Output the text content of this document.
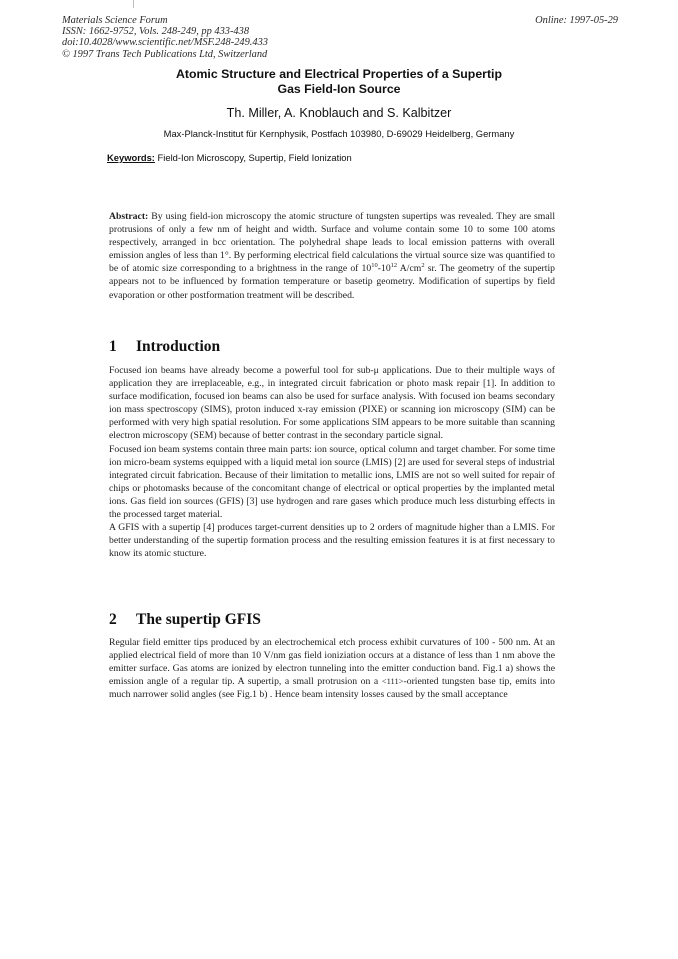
Materials Science Forum
ISSN: 1662-9752, Vols. 248-249, pp 433-438
doi:10.4028/www.scientific.net/MSF.248-249.433
© 1997 Trans Tech Publications Ltd, Switzerland
Online: 1997-05-29
Atomic Structure and Electrical Properties of a Supertip
Gas Field-Ion Source
Th. Miller, A. Knoblauch and S. Kalbitzer
Max-Planck-Institut für Kernphysik, Postfach 103980, D-69029 Heidelberg, Germany
Keywords: Field-Ion Microscopy, Supertip, Field Ionization

Abstract: By using field-ion microscopy the atomic structure of tungsten supertips was revealed. They are small protrusions of only a few nm of height and width. Surface and volume contain some 10 to some 100 atoms respectively, arranged in bcc orientation. The polyhedral shape leads to local emission patterns with overall emission angles of less than 1°. By performing electrical field calculations the virtual source size was quantified to be of atomic size corresponding to a brightness in the range of $10^{10}-10^{12}$ $A/cm^2$ sr. The geometry of the supertip appears not to be influenced by formation temperature or basetip geometry. Modification of supertips by field evaporation or other postformation treatment will be described.

1 Introduction

Focused ion beams have already become a powerful tool for sub-μ applications. Due to their multiple ways of application they are irreplaceable, e.g., in integrated circuit fabrication or photo mask repair [1]. In addition to surface modification, focused ion beams can also be used for surface analysis. With focused ion beams secondary ion mass spectroscopy (SIMS), proton induced x-ray emission (PIXE) or scanning ion microscopy (SIM) can be performed with very high spatial resolution. For some applications SIM appears to be more suitable than scanning electron microscopy (SEM) because of better contrast in the secondary particle signal.

Focused ion beam systems contain three main parts: ion source, optical column and target chamber. For some time ion micro-beam systems equipped with a liquid metal ion source (LMIS) [2] are used for several steps of industrial integrated circuit fabrication. Because of their limitation to metallic ions, LMIS are not so well suited for repair of chips or photomasks because of the concomitant change of electrical or optical properties by the implanted metal ions. Gas field ion sources (GFIS) [3] use hydrogen and rare gases which produce much less disturbing effects in the processed target material.

A GFIS with a supertip [4] produces target-current densities up to 2 orders of magnitude higher than a LMIS. For better understanding of the supertip formation process and the resulting emission features it is at first necessary to know its atomic stucture.

2 The supertip GFIS

Regular field emitter tips produced by an electrochemical etch process exhibit curvatures of 100 - 500 nm. At an applied electrical field of more than 10 V/nm gas field ioniziation occurs at a distance of less than 1 nm above the emitter surface. Gas atoms are ionized by electron tunneling into the emitter conduction band. Fig.1 a) shows the emission angle of a regular tip. A supertip, a small protrusion on a <111>-oriented tungsten base tip, emits into much narrower solid angles (see Fig.1 b) . Hence beam intensity losses caused by the small acceptance
